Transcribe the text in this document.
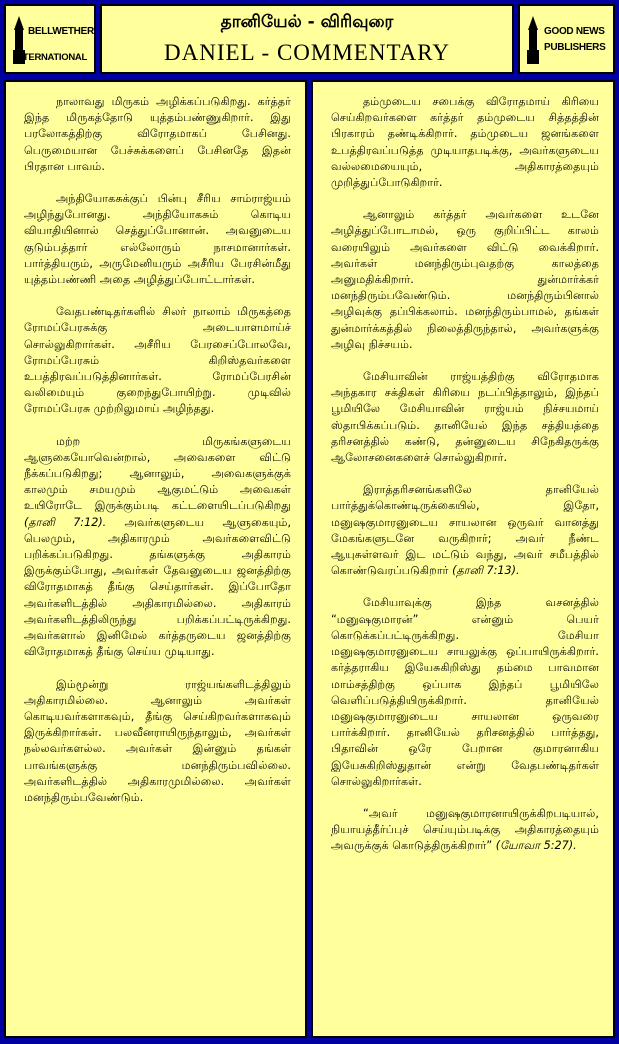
BELLWETHER
INTERNATIONAL
தானியேல் - விரிவுரை
DANIEL - COMMENTARY
GOOD NEWS
PUBLISHERS

நாலாவது மிருகம் அழிக்கப்படுகிறது. கர்த்தர் இந்த மிருகத்தோடு யுத்தம்பண்ணுகிறார். இது பரலோகத்திற்கு விரோதமாகப் பேசினது. பெருமையான பேச்சுக்களைப் பேசினதே இதன் பிரதான பாவம்.

அந்தியோகசுக்குப் பின்பு சீரிய சாம்ராஜ்யம் அழிந்துபோனது. அந்தியோகசும் கொடிய வியாதியினால் செத்துப்போனான். அவனுடைய குடும்பத்தார் எல்லோரும் நாசமானார்கள். பார்த்தியரும், அருமேனியரும் அசீரிய பேரசின்மீது யுத்தம்பண்ணி அதை அழித்துப்போட்டார்கள்.

வேதபண்டிதர்களில் சிலர் நாலாம் மிருகத்தை ரோமப்பேரசுக்கு அடையாளமாய்ச் சொல்லுகிறார்கள். அசீரிய பேரசைப்போலவே, ரோமப்பேரசும் கிறிஸ்தவர்களை உபத்திரவப்படுத்தினார்கள். ரோமப்பேரசின் வலிமையும் குறைந்துபோயிற்று. முடிவில் ரோமப்பேரசு முற்றிலுமாய் அழிந்தது.

மற்ற மிருகங்களுடைய ஆளுகையோவென்றால், அவைகளை விட்டு நீக்கப்படுகிறது; ஆனாலும், அவைகளுக்குக் காலமும் சமயமும் ஆகுமட்டும் அவைகள் உயிரோடே இருக்கும்படி கட்டளையிடப்படுகிறது (தானி 7:12). அவர்களுடைய ஆளுகையும், பெலமும், அதிகாரமும் அவர்களைவிட்டு பறிக்கப்படுகிறது. தங்களுக்கு அதிகாரம் இருக்கும்போது, அவர்கள் தேவனுடைய ஜனத்திற்கு விரோதமாகத் தீங்கு செய்தார்கள். இப்போதோ அவர்களிடத்தில் அதிகாரமில்லை. அதிகாரம் அவர்களிடத்திலிருந்து பறிக்கப்பட்டிருக்கிறது. அவர்களால் இனிமேல் கர்த்தருடைய ஜனத்திற்கு விரோதமாகத் தீங்கு செய்ய முடியாது.

இம்மூன்று ராஜ்யங்களிடத்திலும் அதிகாரமில்லை. ஆனாலும் அவர்கள் கொடியவர்களாகவும், தீங்கு செய்கிறவர்களாகவும் இருக்கிறார்கள். பலவீனராயிருந்தாலும், அவர்கள் நல்லவர்களல்ல. அவர்கள் இன்னும் தங்கள் பாவங்களுக்கு மனந்திரும்பவில்லை. அவர்களிடத்தில் அதிகாரமுமில்லை. அவர்கள் மனந்திரும்பவேண்டும்.

தம்முடைய சபைக்கு விரோதமாய் கிரியை செய்கிறவர்களை கர்த்தர் தம்முடைய சித்தத்தின் பிரகாரம் தண்டிக்கிறார். தம்முடைய ஜனங்களை உபத்திரவப்படுத்த முடியாதபடிக்கு, அவர்களுடைய வல்லமையையும், அதிகாரத்தையும் முறித்துப்போடுகிறார்.

ஆனாலும் கர்த்தர் அவர்களை உடனே அழித்துப்போடாமல், ஒரு குறிப்பிட்ட காலம் வரையிலும் அவர்களை விட்டு வைக்கிறார். அவர்கள் மனந்திரும்புவதற்கு காலத்தை அனுமதிக்கிறார். துன்மார்க்கர் மனந்திரும்பவேண்டும். மனந்திரும்பினால் அழிவுக்கு தப்பிக்கலாம். மனந்திரும்பாமல், தங்கள் துன்மார்க்கத்தில் நிலைத்திருந்தால், அவர்களுக்கு அழிவு நிச்சயம்.

மேசியாவின் ராஜ்யத்திற்கு விரோதமாக அந்தகார சக்திகள் கிரியை நடப்பித்தாலும், இந்தப் பூமியிலே மேசியாவின் ராஜ்யம் நிச்சயமாய் ஸ்தாபிக்கப்படும். தானியேல் இந்த சத்தியத்தை தரிசனத்தில் கண்டு, தன்னுடைய சிநேகிதருக்கு ஆலோசனைகளைச் சொல்லுகிறார்.

இராத்தரிசனங்களிலே தானியேல் பார்த்துக்கொண்டிருக்கையில், இதோ, மனுஷகுமாரனுடைய சாயலான ஒருவர் வானத்து மேகங்களுடனே வருகிறார்; அவர் நீண்ட ஆயுசுள்ளவர் இட மட்டும் வந்து, அவர் சமீபத்தில் கொண்டுவரப்படுகிறார் (தானி 7:13).

மேசியாவுக்கு இந்த வசனத்தில் “மனுஷகுமாரன்” என்னும் பெயர் கொடுக்கப்பட்டிருக்கிறது. மேசியா மனுஷகுமாரனுடைய சாயலுக்கு ஒப்பாயிருக்கிறார். கர்த்தராகிய இயேசுகிறிஸ்து தம்மை பாவமான மாம்சத்திற்கு ஒப்பாக இந்தப் பூமியிலே வெளிப்படுத்தியிருக்கிறார். தானியேல் மனுஷகுமாரனுடைய சாயலான ஒருவரை பார்க்கிறார். தானியேல் தரிசனத்தில் பார்த்தது, பிதாவின் ஒரே பேறான குமாரனாகிய இயேசுகிறிஸ்துதான் என்று வேதபண்டிதர்கள் சொல்லுகிறார்கள்.

“அவர் மனுஷகுமாரனாயிருக்கிறபடியால், நியாயத்தீர்ப்புச் செய்யும்படிக்கு அதிகாரத்தையும் அவருக்குக் கொடுத்திருக்கிறார்” (யோவா 5:27).
